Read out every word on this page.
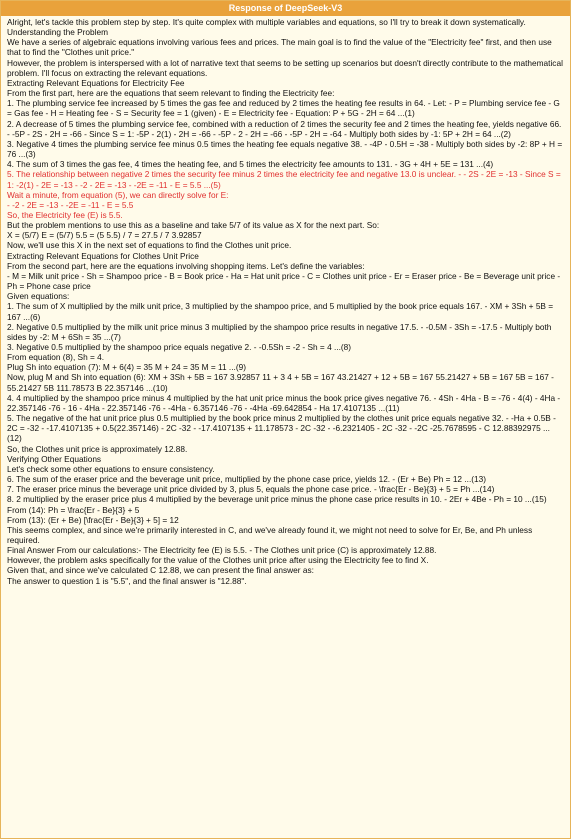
Response of DeepSeek-V3

Alright, let's tackle this problem step by step. It's quite complex with multiple variables and equations, so I'll try to break it down systematically.

Understanding the Problem

We have a series of algebraic equations involving various fees and prices. The main goal is to find the value of the "Electricity fee" first, and then use that to find the "Clothes unit price."

However, the problem is interspersed with a lot of narrative text that seems to be setting up scenarios but doesn't directly contribute to the mathematical problem. I'll focus on extracting the relevant equations.

Extracting Relevant Equations for Electricity Fee

From the first part, here are the equations that seem relevant to finding the Electricity fee:

1. The plumbing service fee increased by 5 times the gas fee and reduced by 2 times the heating fee results in 64. - Let: - P = Plumbing service fee - G = Gas fee - H = Heating fee - S = Security fee = 1 (given) - E = Electricity fee - Equation: P + 5G - 2H = 64 ...(1)

2. A decrease of 5 times the plumbing service fee, combined with a reduction of 2 times the security fee and 2 times the heating fee, yields negative 66. - -5P - 2S - 2H = -66 - Since S = 1: -5P - 2(1) - 2H = -66 - -5P - 2 - 2H = -66 - -5P - 2H = -64 - Multiply both sides by -1: 5P + 2H = 64 ...(2)

3. Negative 4 times the plumbing service fee minus 0.5 times the heating fee equals negative 38. - -4P - 0.5H = -38 - Multiply both sides by -2: 8P + H = 76 ...(3)

4. The sum of 3 times the gas fee, 4 times the heating fee, and 5 times the electricity fee amounts to 131. - 3G + 4H + 5E = 131 ...(4)

5. The relationship between negative 2 times the security fee minus 2 times the electricity fee and negative 13.0 is unclear. - - 2S - 2E = -13 - Since S = 1: -2(1) - 2E = -13 - -2 - 2E = -13 - -2E = -11 - E = 5.5 ...(5)

Wait a minute, from equation (5), we can directly solve for E:

- -2 - 2E = -13 - -2E = -11 - E = 5.5

So, the Electricity fee (E) is 5.5.

But the problem mentions to use this as a baseline and take 5/7 of its value as X for the next part. So:

X = (5/7) E = (5/7) 5.5 = (5 5.5) / 7 = 27.5 / 7 3.92857

Now, we'll use this X in the next set of equations to find the Clothes unit price.

Extracting Relevant Equations for Clothes Unit Price

From the second part, here are the equations involving shopping items. Let's define the variables:

- M = Milk unit price - Sh = Shampoo price - B = Book price - Ha = Hat unit price - C = Clothes unit price - Er = Eraser price - Be = Beverage unit price - Ph = Phone case price

Given equations:

1. The sum of X multiplied by the milk unit price, 3 multiplied by the shampoo price, and 5 multiplied by the book price equals 167. - XM + 3Sh + 5B = 167 ...(6)

2. Negative 0.5 multiplied by the milk unit price minus 3 multiplied by the shampoo price results in negative 17.5. - -0.5M - 3Sh = -17.5 - Multiply both sides by -2: M + 6Sh = 35 ...(7)

3. Negative 0.5 multiplied by the shampoo price equals negative 2. - -0.5Sh = -2 - Sh = 4 ...(8)

From equation (8), Sh = 4.

Plug Sh into equation (7): M + 6(4) = 35 M + 24 = 35 M = 11 ...(9)

Now, plug M and Sh into equation (6): XM + 3Sh + 5B = 167 3.92857 11 + 3 4 + 5B = 167 43.21427 + 12 + 5B = 167 55.21427 + 5B = 167 5B = 167 - 55.21427 5B 111.78573 B 22.357146 ...(10)

4. 4 multiplied by the shampoo price minus 4 multiplied by the hat unit price minus the book price gives negative 76. - 4Sh - 4Ha - B = -76 - 4(4) - 4Ha - 22.357146 -76 - 16 - 4Ha - 22.357146 -76 - -4Ha - 6.357146 -76 - -4Ha -69.642854 - Ha 17.4107135 ...(11)

5. The negative of the hat unit price plus 0.5 multiplied by the book price minus 2 multiplied by the clothes unit price equals negative 32. - -Ha + 0.5B - 2C = -32 - -17.4107135 + 0.5(22.357146) - 2C -32 - -17.4107135 + 11.178573 - 2C -32 - -6.2321405 - 2C -32 - -2C -25.7678595 - C 12.88392975 ...(12)

So, the Clothes unit price is approximately 12.88.

Verifying Other Equations

Let's check some other equations to ensure consistency.

6. The sum of the eraser price and the beverage unit price, multiplied by the phone case price, yields 12. - (Er + Be) Ph = 12 ...(13)

7. The eraser price minus the beverage unit price divided by 3, plus 5, equals the phone case price. - \frac{Er - Be}{3} + 5 = Ph ...(14)

8. 2 multiplied by the eraser price plus 4 multiplied by the beverage unit price minus the phone case price results in 10. - 2Er + 4Be - Ph = 10 ...(15)

From (14): Ph = \frac{Er - Be}{3} + 5

From (13): (Er + Be) [\frac{Er - Be}{3} + 5] = 12

This seems complex, and since we're primarily interested in C, and we've already found it, we might not need to solve for Er, Be, and Ph unless required.

Final Answer From our calculations:- The Electricity fee (E) is 5.5. - The Clothes unit price (C) is approximately 12.88.

However, the problem asks specifically for the value of the Clothes unit price after using the Electricity fee to find X.

Given that, and since we've calculated C 12.88, we can present the final answer as:

The answer to question 1 is "5.5", and the final answer is "12.88".
